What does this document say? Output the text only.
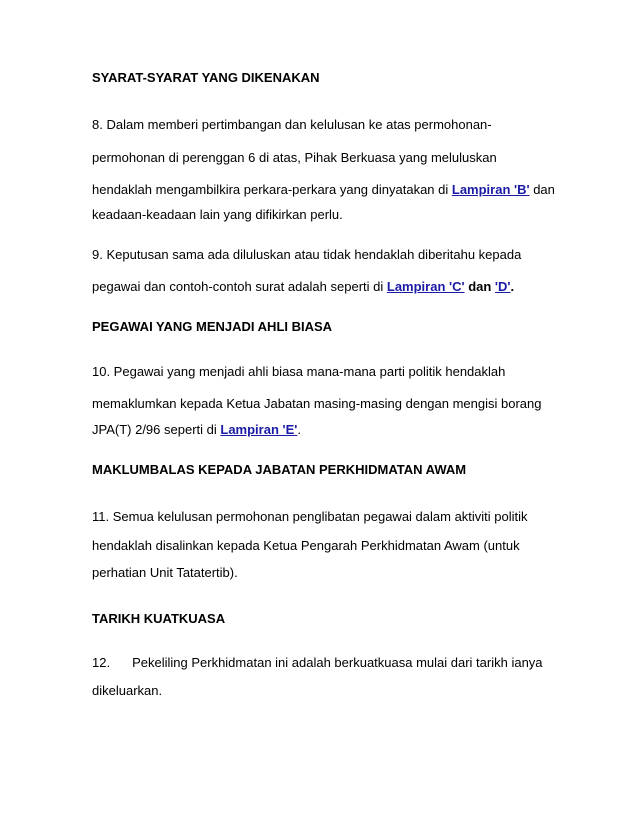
SYARAT-SYARAT YANG DIKENAKAN
8. Dalam memberi pertimbangan dan kelulusan ke atas permohonan-
permohonan di perenggan 6 di atas, Pihak Berkuasa yang meluluskan
hendaklah mengambilkira perkara-perkara yang dinyatakan di Lampiran 'B' dan
keadaan-keadaan lain yang difikirkan perlu.
9. Keputusan sama ada diluluskan atau tidak hendaklah diberitahu kepada
pegawai dan contoh-contoh surat adalah seperti di Lampiran 'C' dan 'D'.
PEGAWAI YANG MENJADI AHLI BIASA
10. Pegawai yang menjadi ahli biasa mana-mana parti politik hendaklah
memaklumkan kepada Ketua Jabatan masing-masing dengan mengisi borang
JPA(T) 2/96 seperti di Lampiran 'E'.
MAKLUMBALAS KEPADA JABATAN PERKHIDMATAN AWAM
11. Semua kelulusan permohonan penglibatan pegawai dalam aktiviti politik
hendaklah disalinkan kepada Ketua Pengarah Perkhidmatan Awam (untuk
perhatian Unit Tatatertib).
TARIKH KUATKUASA
12. Pekeliling Perkhidmatan ini adalah berkuatkuasa mulai dari tarikh ianya
dikeluarkan.
